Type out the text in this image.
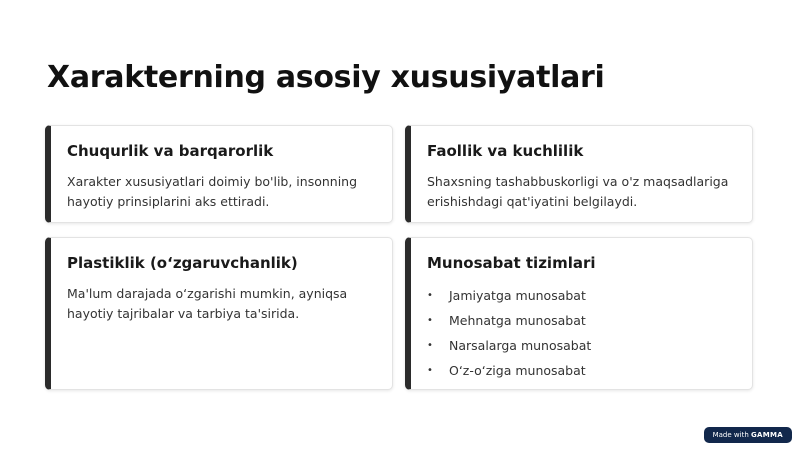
Xarakterning asosiy xususiyatlari
Chuqurlik va barqarorlik

Xarakter xususiyatlari doimiy bo'lib, insonning hayotiy prinsiplarini aks ettiradi.

Faollik va kuchlilik

Shaxsning tashabbuskorligi va o'z maqsadlariga erishishdagi qat'iyatini belgilaydi.

Plastiklik (o‘zgaruvchanlik)

Ma'lum darajada o‘zgarishi mumkin, ayniqsa hayotiy tajribalar va tarbiya ta'sirida.

Munosabat tizimlari
• Jamiyatga munosabat
• Mehnatga munosabat
• Narsalarga munosabat
• O‘z-o‘ziga munosabat
Made with GAMMA
